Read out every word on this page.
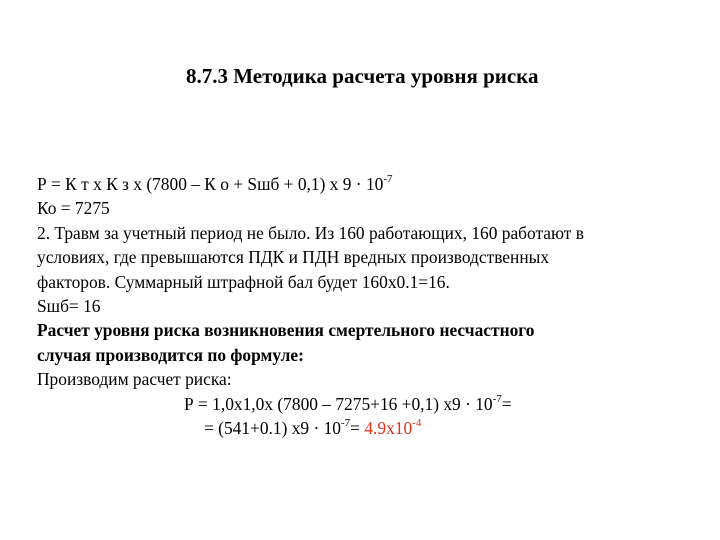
8.7.3 Методика расчета уровня риска
Р = К т х К з х (7800 – К о + Sшб + 0,1) х $9 \cdot 10^{-7}$
Ко = 7275
2. Травм за учетный период не было. Из 160 работающих, 160 работают в
условиях, где превышаются ПДК и ПДН вредных производственных
факторов. Суммарный штрафной бал будет 160х0.1=16.
Sшб= 16
Расчет уровня риска возникновения смертельного несчастного
случая производится по формуле:
Производим расчет риска:
Р = 1,0х1,0х (7800 – 7275+16 +0,1) $х9 \cdot 10^{-7}=$
= (541+0.1) $х9 \cdot 10^{-7}= 4.9х10^{-4}$
